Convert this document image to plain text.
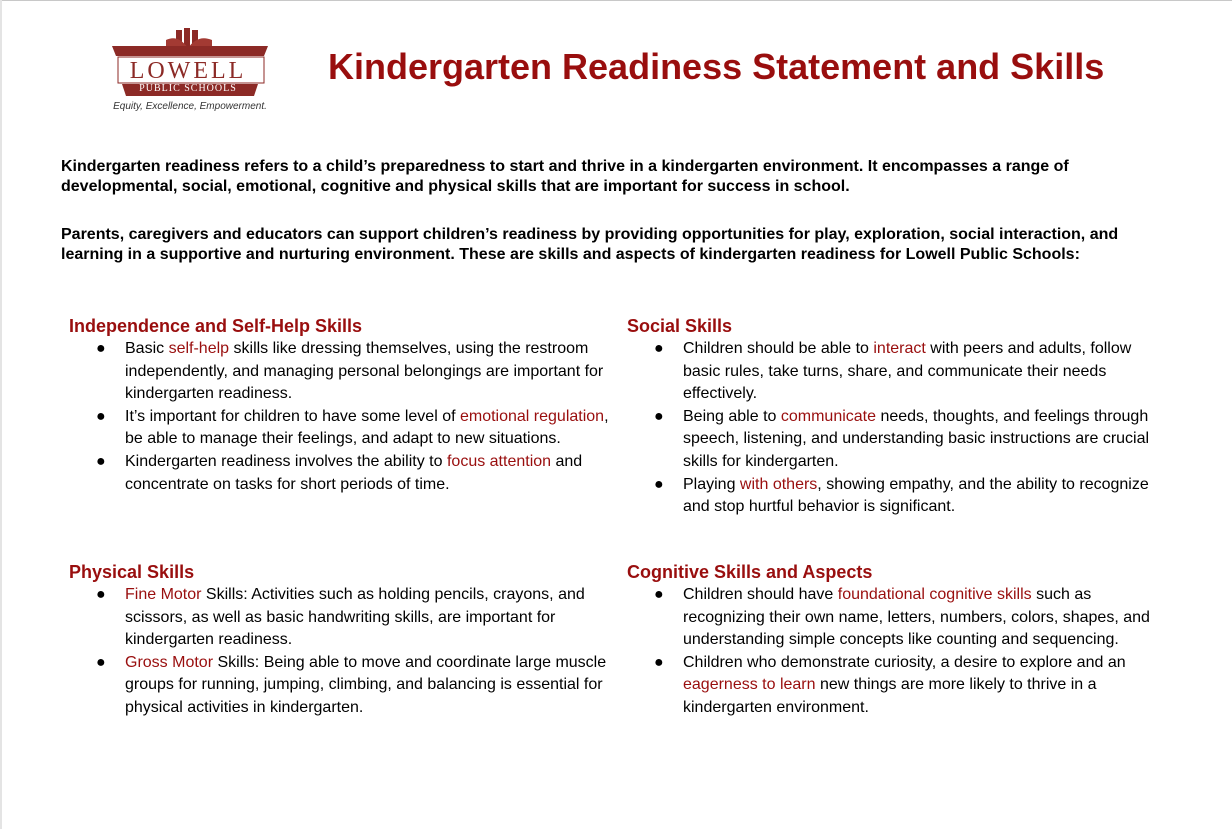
LOWELL
PUBLIC SCHOOLS
Equity, Excellence, Empowerment.
Kindergarten Readiness Statement and Skills
Kindergarten readiness refers to a child’s preparedness to start and thrive in a kindergarten environment. It encompasses a range of developmental, social, emotional, cognitive and physical skills that are important for success in school.
Parents, caregivers and educators can support children’s readiness by providing opportunities for play, exploration, social interaction, and learning in a supportive and nurturing environment. These are skills and aspects of kindergarten readiness for Lowell Public Schools:
Independence and Self-Help Skills
● Basic self-help skills like dressing themselves, using the restroom independently, and managing personal belongings are important for kindergarten readiness.
● It’s important for children to have some level of emotional regulation, be able to manage their feelings, and adapt to new situations.
● Kindergarten readiness involves the ability to focus attention and concentrate on tasks for short periods of time.
Social Skills
● Children should be able to interact with peers and adults, follow basic rules, take turns, share, and communicate their needs effectively.
● Being able to communicate needs, thoughts, and feelings through speech, listening, and understanding basic instructions are crucial skills for kindergarten.
● Playing with others, showing empathy, and the ability to recognize and stop hurtful behavior is significant.
Physical Skills
● Fine Motor Skills: Activities such as holding pencils, crayons, and scissors, as well as basic handwriting skills, are important for kindergarten readiness.
● Gross Motor Skills: Being able to move and coordinate large muscle groups for running, jumping, climbing, and balancing is essential for physical activities in kindergarten.
Cognitive Skills and Aspects
● Children should have foundational cognitive skills such as recognizing their own name, letters, numbers, colors, shapes, and understanding simple concepts like counting and sequencing.
● Children who demonstrate curiosity, a desire to explore and an eagerness to learn new things are more likely to thrive in a kindergarten environment.
